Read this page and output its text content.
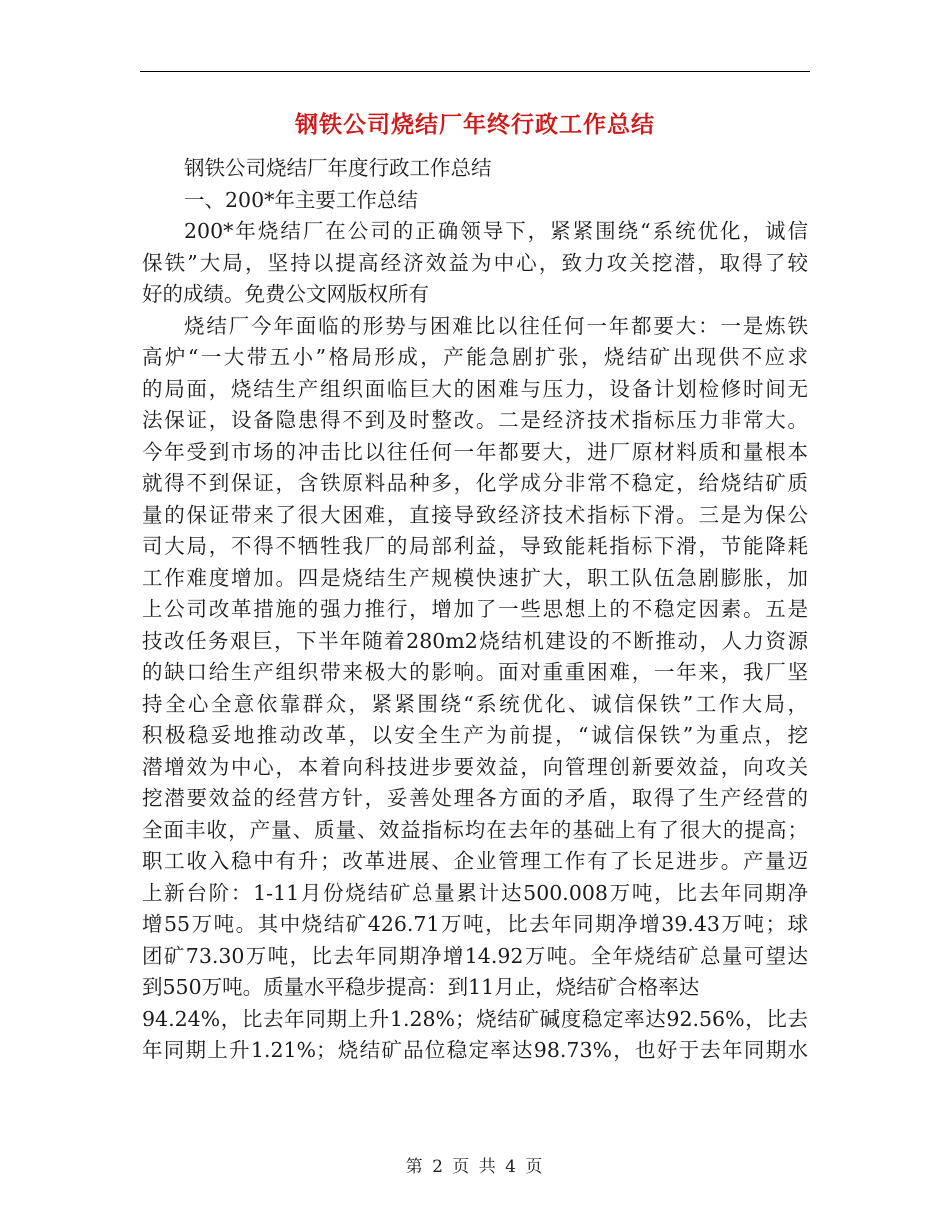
钢铁公司烧结厂年终行政工作总结
钢铁公司烧结厂年度行政工作总结
一、200*年主要工作总结
200*年烧结厂在公司的正确领导下，紧紧围绕“系统优化，诚信
保铁”大局，坚持以提高经济效益为中心，致力攻关挖潜，取得了较
好的成绩。免费公文网版权所有
烧结厂今年面临的形势与困难比以往任何一年都要大：一是炼铁
高炉“一大带五小”格局形成，产能急剧扩张，烧结矿出现供不应求
的局面，烧结生产组织面临巨大的困难与压力，设备计划检修时间无
法保证，设备隐患得不到及时整改。二是经济技术指标压力非常大。
今年受到市场的冲击比以往任何一年都要大，进厂原材料质和量根本
就得不到保证，含铁原料品种多，化学成分非常不稳定，给烧结矿质
量的保证带来了很大困难，直接导致经济技术指标下滑。三是为保公
司大局，不得不牺牲我厂的局部利益，导致能耗指标下滑，节能降耗
工作难度增加。四是烧结生产规模快速扩大，职工队伍急剧膨胀，加
上公司改革措施的强力推行，增加了一些思想上的不稳定因素。五是
技改任务艰巨，下半年随着280m2烧结机建设的不断推动，人力资源
的缺口给生产组织带来极大的影响。面对重重困难，一年来，我厂坚
持全心全意依靠群众，紧紧围绕“系统优化、诚信保铁”工作大局，
积极稳妥地推动改革，以安全生产为前提，“诚信保铁”为重点，挖
潜增效为中心，本着向科技进步要效益，向管理创新要效益，向攻关
挖潜要效益的经营方针，妥善处理各方面的矛盾，取得了生产经营的
全面丰收，产量、质量、效益指标均在去年的基础上有了很大的提高；
职工收入稳中有升；改革进展、企业管理工作有了长足进步。产量迈
上新台阶：1-11月份烧结矿总量累计达500.008万吨，比去年同期净
增55万吨。其中烧结矿426.71万吨，比去年同期净增39.43万吨；球
团矿73.30万吨，比去年同期净增14.92万吨。全年烧结矿总量可望达
到550万吨。质量水平稳步提高：到11月止，烧结矿合格率达
94.24%，比去年同期上升1.28%；烧结矿碱度稳定率达92.56%，比去
年同期上升1.21%；烧结矿品位稳定率达98.73%，也好于去年同期水
第 2 页 共 4 页
